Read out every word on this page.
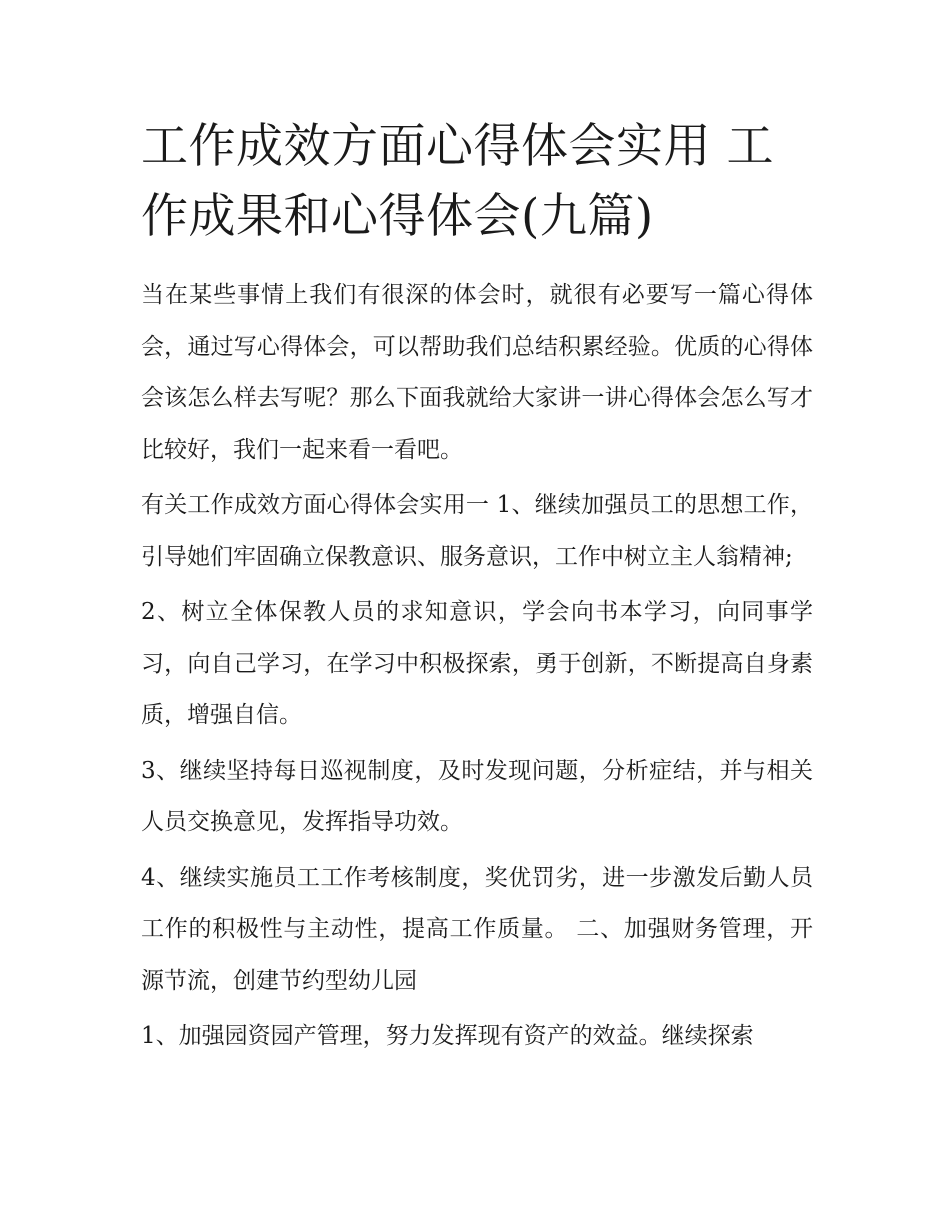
工作成效方面心得体会实用 工作成果和心得体会(九篇)

当在某些事情上我们有很深的体会时，就很有必要写一篇心得体会，通过写心得体会，可以帮助我们总结积累经验。优质的心得体会该怎么样去写呢？那么下面我就给大家讲一讲心得体会怎么写才比较好，我们一起来看一看吧。

有关工作成效方面心得体会实用一 1、继续加强员工的思想工作，引导她们牢固确立保教意识、服务意识，工作中树立主人翁精神;

2、树立全体保教人员的求知意识，学会向书本学习，向同事学习，向自己学习，在学习中积极探索，勇于创新，不断提高自身素质，增强自信。

3、继续坚持每日巡视制度，及时发现问题，分析症结，并与相关人员交换意见，发挥指导功效。

4、继续实施员工工作考核制度，奖优罚劣，进一步激发后勤人员工作的积极性与主动性，提高工作质量。 二、加强财务管理，开源节流，创建节约型幼儿园

1、加强园资园产管理，努力发挥现有资产的效益。继续探索
